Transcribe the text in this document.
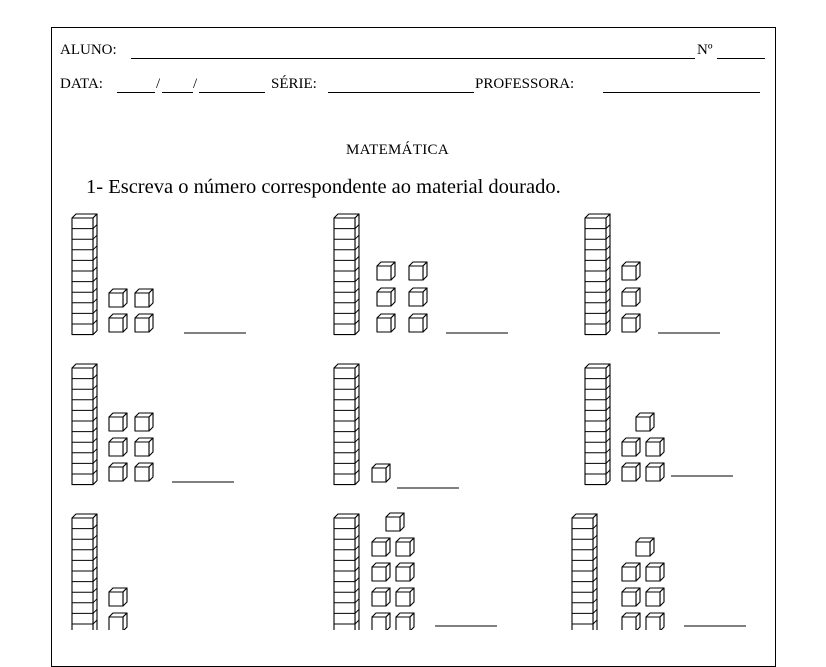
ALUNO:	Nº
DATA:	/ /	SÉRIE:	PROFESSORA:
MATEMÁTICA
1- Escreva o número correspondente ao material dourado.
